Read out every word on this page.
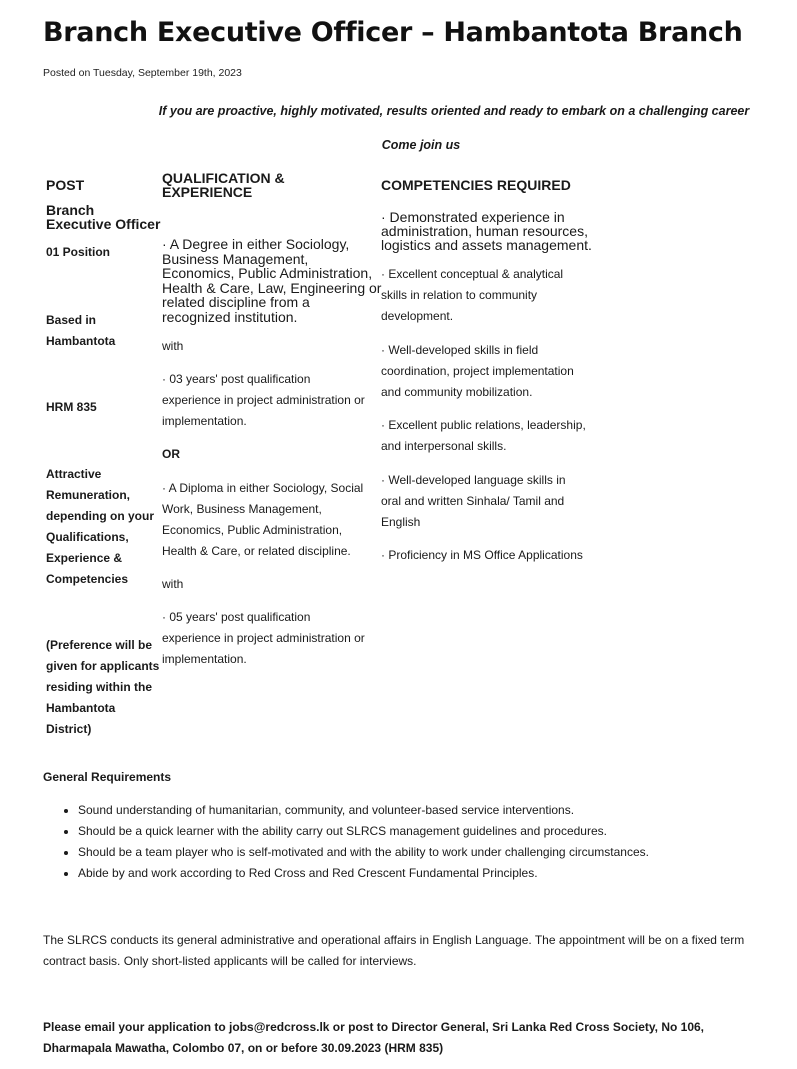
Branch Executive Officer – Hambantota Branch
Posted on Tuesday, September 19th, 2023
If you are proactive, highly motivated, results oriented and ready to embark on a challenging career
Come join us
POST
Branch Executive Officer
01 Position
Based in
Hambantota
HRM 835
Attractive
Remuneration,
depending on your
Qualifications,
Experience &
Competencies
(Preference will be
given for applicants
residing within the
Hambantota
District)
QUALIFICATION &
EXPERIENCE
· A Degree in either Sociology,
Business Management,
Economics, Public Administration,
Health & Care, Law, Engineering or
related discipline from a
recognized institution.
with
· 03 years' post qualification
experience in project administration or
implementation.
OR
· A Diploma in either Sociology, Social
Work, Business Management,
Economics, Public Administration,
Health & Care, or related discipline.
with
· 05 years' post qualification
experience in project administration or
implementation.
COMPETENCIES REQUIRED
· Demonstrated experience in
administration, human resources,
logistics and assets management.
· Excellent conceptual & analytical
skills in relation to community
development.
· Well-developed skills in field
coordination, project implementation
and community mobilization.
· Excellent public relations, leadership,
and interpersonal skills.
· Well-developed language skills in
oral and written Sinhala/ Tamil and
English
· Proficiency in MS Office Applications
General Requirements
• Sound understanding of humanitarian, community, and volunteer-based service interventions.
• Should be a quick learner with the ability carry out SLRCS management guidelines and procedures.
• Should be a team player who is self-motivated and with the ability to work under challenging circumstances.
• Abide by and work according to Red Cross and Red Crescent Fundamental Principles.
The SLRCS conducts its general administrative and operational affairs in English Language. The appointment will be on a fixed term contract basis. Only short-listed applicants will be called for interviews.
Please email your application to jobs@redcross.lk or post to Director General, Sri Lanka Red Cross Society, No 106, Dharmapala Mawatha, Colombo 07, on or before 30.09.2023 (HRM 835)
